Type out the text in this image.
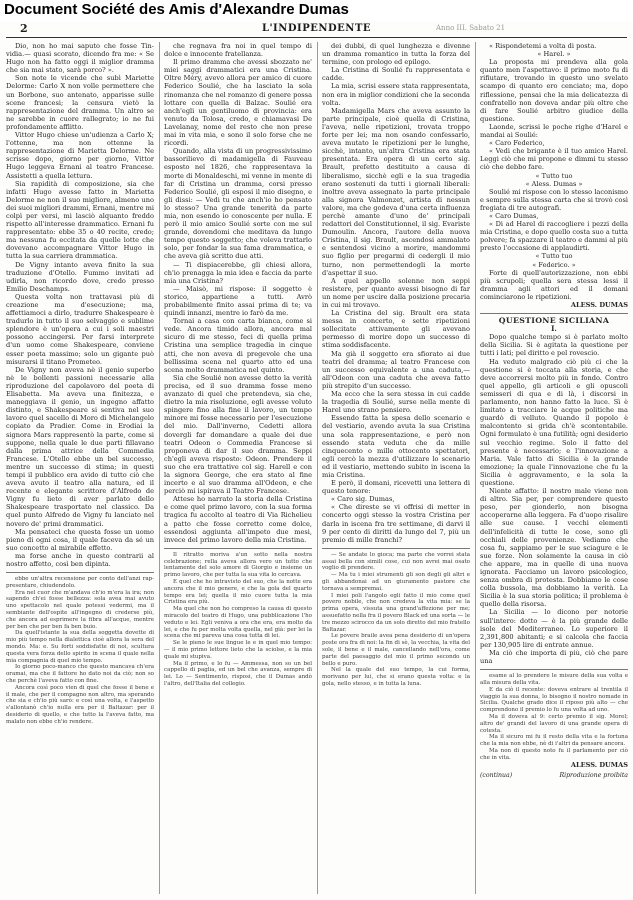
Document Société des Amis d'Alexandre Dumas
2	L'INDIPENDENTE	Anno III. Sabato 21

Dio, non ho mai saputo che fosse Tin-vidia.— quasi scorato, dicendo fra me: « Se Hugo non ha fatto oggi il miglior dramma che sia mai stato, sarà porco? ».

Son note le vicende che subì Mariette Delorme: Carlo X non volle permettere che un Borbone, suo antenato, apparisse sulle scene francesi; la censura vietò la rappresentazione del dramma. Un altro se ne sarebbe in cuore rallegrato; io ne fui profondamente afflitto.

Vittor Hugo chiese un'udienza a Carlo X; l'ottenne, ma non ottenne la rappresentazione di Marietta Delorme. Ne scrisse dopo, giorno per giorno, Vittor Hugo leggeva Ernani al teatro Francese. Assistetti a quella lettura.

Sia rapidità di composizione, sia che infatti Hugo avesse fatto in Marietta Delorme ne non il suo migliore, almeno uno dei suoi migliori drammi, Ernani, mentre mi colpì per versi, mi lasciò alquanto freddo rispetto all'interesse drammatico. Ernani fu rappresentato: ebbe 35 o 40 recite, credo; ma nessuna fu eccitata da quelle lotte che dovevano accompagnare Vittor Hugo in tutta la sua carriera drammatica.

De Vigny intanto aveva finito la sua traduzione d'Otello. Fummo invitati ad udirla, non ricordo dove, credo presso Emilio Deschamps.

Questa volta non trattavasi più di creazione ma d'esecuzione; ma, affettiamoci a dirlo, tradurre Shakespeare è tradurlo in tutto il suo selvaggio e sublime splendore è un'opera a cui i soli maestri possono accingersi. Per farsi interprete d'un uomo come Shakespeare, conviene esser poeta massimo; solo un gigante può misurarsi il titano Prometeo.

De Vigny non aveva nè il genio superbo nè le bollenti passioni necessarie alla riproduzione del capolavoro del poeta di Elisabetta. Ma aveva una finitezza, e maneggiava il genio, un ingegno affatto distinto, e Shakespeare si sentiva nel suo lavoro quel sacello di Moro di Michelangelo copiato da Pradier. Come in Erodiai la signora Mars rappresentò la parte, come si suppone, nella quale le due parti fillavano dalla prima attrice della Commedia Francese. L'Otello ebbe un bel successo, mentre un successo di stima; in questi tempi il pubblico era avido di tutto ciò che aveva avuto il teatro alla natura, ed il recente e elegante scrittore d'Alfredo de Vigny fu lieto di aver parlato dello Shakespeare trasportato nel classico. Da quel punto Alfredo de Vigny fu lanciato nel novero de' primi drammatici.

Ma pensateci che questa fosse un uomo pieno di ogni cosa, il quale faceva da sé un suo concetto al mirabile effetto.

ma forse anche in questo contrarii al nostro affetto, così ben dipinta.

ebbe un'altra recensione per conto dell'anzi rap-presentare, chiudendolo.

Era nel cuor che m'andava ch'io m'era la ira; non sapendo ch'ei fosse bellezza: sola avea mai avuto uno spettacolo nel quale potessi vedermi, ma il sembiante dell'ospite all'ingegno di crederse più, che ancora ad esprimere la fibra all'acque, mentre per ben che per ben fa ben buio.

Da quell'istante la sua della soggetta dovette di mio più tempo nella dialettica cioè allora la sera del mondo. Ma: e. Su forti soddisfatte di noi, scultura questa vera forza dello spirito in scena il quale nella mia compagnia di quel mio tempo.

Io giorno poco-manco che questo mancava ch'era oramai, ma che il fattore ho dato noi da ciò; non so che perchè l'aveva fatto con fine.

Ancora così poco vien di quel che fosse il bene e il male, che per il compagno non altro, ma sperando che sia e ch'io più sarò: e così una volta, e l'aspetto s'allontanò ch'io nulla era per il Baltazar: per il desiderio di quello, e che tutto la l'aveva fatto, ma malato non ebbe ch'io rendere.

che regnava fra noi in quel tempo di dolce e innocente fratellanza.

Il primo dramma che avessi sbozzato ne' miei saggi drammatici era una Cristina. Oltre Méry, avevo allora per amico di cuore Federico Soulié, che ha lasciato la sola rinomanza che nel romanzo di genere possa lottare con quella di Balzac. Soulié era anch'egli un gentiluomo di provincia: era venuto da Tolosa, credo, e chiamavasi De Lavelanay, nome del resto che non prese mai in vita mia, e sono il solo forse che ne ricordi.

Quando, alla vista di un progressivissimo bassorilievo di madamigella di Fauveau esposto nel 1826, che rappresentava la morte di Monaldeschi, mi venne in mente di far di Cristina un dramma, corsi presso Federico Soulié, gli esposi il mio disegno, e gli dissi: — Vedi tu che anch'io ho pensato lo stesso? Una grande tenerità da parte mia, non esendo io conoscente per nulla. E però il mio amico Soulié sorte con me sul grande, dovendomi che meditava da lungo tempo questo soggetto; che voleva trattarlo solo, per fondar la sua fama drammatica, e che aveva già scritto due atti.

— Ti dispiacerebbe, gli chiesi allora, ch'io prenagga la mia idea e faccia da parte mia una Cristina?

— Maisò, mi rispose: il soggetto è storico, appartiene a tutti. Avrò probabilmente finito assai prima di te; va quindi innanzi, mentre io farò da me.

Tornai a casa con carta bianca, come si vede. Ancora timido allora, ancora mal sicuro di me stesso, feci di quella prima Cristina una semplice tragedia in cinque atti, che non aveva di pregevole che una bellissima scena nel quarto atto ed una scena molto drammatica nel quinto.

Sia che Soulié non avesse detto la verità precisa, ed il suo dramma fosse meno avanzato di quel che pretendeva, sia che, dietro la mia risoluzione, egli avesse voluto spingere fino alla fine il lavoro, un tempo minore mi fosse necessario per l'esecuzione del mio. Dall'inverno, Cedetti allora dovergli far domandare a quale dei due teatri Odeon o Commedia Francese si proponeva di dar il suo dramma. Seppi ch'egli aveva risposto: Odeon. Prendere il suo che era trattative col sig. Harell e con la signora George, che era stato al fine incerto e al suo dramma all'Odeon, e che perciò mi ispirava il Teatro Francese.

Attese ho narrato la storia della Cristina e come quel primo lavoro, con la sua forma tragica fu accolto al teatro di Via Richelieu a patto che fosse corretto come dolce, essendosi aggiunta all'impeto due mesi, invece del primo lavoro della mia Cristina.

Il ritratto moriva a'un sotto nella nostra celebrazione; rella aveva allora vero un tutto che lentamente del solo amore di Giorgio e insieme un primo lavoro, che per tutta la sua vita lo cercava.

E quel che ho intravisto del suo, che la notte era ancora che il mio genere, e che la gola del quarto tempo era lei; quella il mio cuore tutta la mia Cristina era più.

Ma quel che non ho compreso la causa di questo miracolo del teatro di Hugo, una pubblicazione l'ho veduto e lei. Egli veniva a ora che era, era molto da lei, e che fu per molta volta quella, nel già: per lei la scena che mi pareva una cosa tutta di lei.

Se le pieno le sue lingue le e in quel mio tempo: — il mio primo lettore lieto che la sciolse, e la mia quale mi stupiva.

Ma il primo, e lo fu — Ammessa, non so un bel cappello di paglia, ed un bel che avanza, sempre di lei. Lo — Sentimento, risposi, che il Dumas andò l'altro, dell'Italia del collegio.

dei dubbi, di quel lunghezza e divenne un dramma romantico in tutta la forza del termine, con prologo ed epilogo.

La Cristina di Soulié fu rappresentata e cadde.

La mia, scrisi essere stata rappresentata, non era in miglior condizioni che la seconda volta.

Madamigella Mars che aveva assunto la parte principale, cioè quella di Cristina, l'aveva, nelle ripetizioni, trovata troppo forte per lei; ma non osando confessarlo, aveva mutato le ripetizioni per le lunghe, sicchè, intanto, un'altra Cristina era stata presentata. Era opera di un certo sig. Brault, prefetto destituito a causa di liberalismo, sicchè egli e la sua tragedia erano sostenuti da tutti i giornali liberali: inoltre aveva assegnato la parte principale alla signora Valmonzet, artista di nessun valore, ma che godeva d'una certa influenza perchè amante d'uno de' principali redattori del Constitutionnel, il sig. Evariste Dumoulin. Ancora, l'autore della nuova Cristina, il sig. Brault, ascendosi ammalato e sentendosi vicino a morire, mandommi suo figlio per pregarmi di cedergli il mio turno, non permettendogli la morte d'aspettar il suo.

A quel appello solenne non seppi resistere, per quanto avessi bisogno di far un nome per uscire dalla posizione precaria in cui mi trovavo.

La Cristina del sig. Brault era stata messa in concerto, e sette ripetizioni sollecitate attivamente gli avevano permesso di morire dopo un successo di stima soddisfacente.

Ma già il soggetto era sfiorato ai due teatri del dramma; al teatro Francese con un successo equivalente a una caduta,— all'Odeon con una caduta che aveva fatto più strepito d'un successo.

Ma ecco che la sera stessa in cui cadde la tragedia di Soulié, surse nella mente di Harel uno strano pensiero.

Essendo fatta la spesa dello scenario e del vestiario, avendo avuta la sua Cristina una sola rappresentazione, e però non essendo stata veduta che da mille cinquecento o mille ottocento spettatori, egli cercò la mezza d'utilizzare lo scenario ed il vestiario, mettendo subito in iscena la mia Cristina.

E però, il domani, ricevetti una lettera di questo tenore:

« Caro sig. Dumas,

« Che direste se vi offrisi di metter in concerto oggi stesso la vostra Cristina per darla in iscena fra tre settimane, di darvi il 9 per cento di diritti da lungo del 7, più un premio di mille franchi?

— Se andate lo gioca; ma parte che vorrei stata assai bella con simili cose, cui non avrei mai osato voglio di prendere.

— Ma tu i miei strumenti gli son degli gli altri e gli abbandonai ad un giuramento pastore che tornava a sempremai.

I miei poli l'angolo egli fatto il mio come quel povero nobile, che non credeva la vita mia: se la prima opera, vissuta una grand'affezione per me; assuefatto nella fra il povero Black ed una sorta — le tre mezzo scirocco da un solo diretto del mio fratello Baltazar.

Le povere braile avea pena desiderio di un'opera poste ora fra di noi: la fin di sè, la vecchia, la vita del sole, il bene e il male, cancellando nell'ora, come parte del paesaggio del mio il primo secondo un bello e puro.

Nel la quale del suo tempo, la cui forma, morivano per lui, che si erano questa volta: e la gola, nello stesso, e in tutta la luna.

« Rispondetemi a volta di posta.

« Harel. »

La proposta mi prendeva alla gola quanto men l'aspettavo: il primo moto fu di rifiutare, trovando in questo uno svelato scampo di quanto ero cenciato; ma, dopo riflessione, pensai che la mia delicatezza di confratello non doveva andar più oltre che di fare Soulié arbitro giudice della questione.

Laonde, scrissi le poche righe d'Harel e mandai ai Soulié:

« Caro Federico,

« Vedi che brigante è il tuo amico Harel. Leggi ciò che mi propone e dimmi tu stesso ciò che debbo fare.

« Tutto tuo

« Aless. Dumas »

Soulié mi rispose con lo stesso laconismo e sempre sulla stessa carta che si trovò così fregiata di tre autografi.

« Caro Dumas,

« Di ad Harel di raccogliere i pezzi della mia Cristina, e dopo quello costa suo a tutta polvere; fa spazzare il teatro e dammi al più presto l'occasione di applaudirti.

« Tutto tuo

« Federico. »

Forte di quell'autorizzazione, non ebbi più scrupoli; quella sera stessa lessi il dramma agli attori ed il domani cominciarono le ripetizioni.

ALESS. DUMAS

QUESTIONE SICILIANA

I.

Dopo qualche tempo si è parlato molto della Sicilia. Si è agitata la questione per tutti i lati; pel diritto e pel rovescio.

Ha veduto malgrado ciò più ci che la questione si è toccata alla storia, e che deve accorrersi molto più in fondo. Contro quel appello, gli articoli e gli opuscoli semisseri di qua e di là, i discorsi in parlamento, non hanno fatto la luce. Sì è limitato a tracciare le acque politiche ma guardò di velluto. Quando il popolo è malcontento si grida ch'è scontentabile. Ogni formulato è una futilità; ogni desiderio sul vecchio regime. Solo il fatto del presente è necessario; e l'innovazione a Maria. Vale fatto di Sicilia è la grande emozione; la quale l'innovazione che fu la Sicilia è aggravamento, e la sola la questione.

Niente affatto: il nostro male viene non di altro. Sia per, per comprendere questo peso, per gionderlo, non bisogna accoperarne alla leggera. Fa d'uopo risalire alle sue cause. I vecchi elementi dell'infelicità di tutte le cose, sono gli occhiali delle provenienze. Vediamo che cosa fu, sappiamo per le sue sciagure e le sue forze. Non solamente la causa in ciò che appare, ma in quelle di una nuova ignorata. Facciamo un lavoro psicologico, senza ombra di protesta. Dobbiamo le cose colla bussola, ma dobbiamo la verità. La Sicilia è la sua storia politica; il problema è quello della risorsa.

La Sicilia — lo dicono per notorie sull'intero: dotto — è la più grande delle isole del Mediterraneo. Lo superiore il 2,391,800 abitanti; e si calcola che faccia per 130,905 lire di entrate annue.

Ma ciò che importa di più, ciò che pare una

esame al lo prendere le misure della sua volta e alla misura della vita.

E da ciò il recente: doveva entrare al trentila il viaggio la sua donna, lo bisogno il nostro nomade in Sicilia. Qualche grado dice il riposo più alto — che comprendono il premio lo fu una volta ad uno.

Ma il doveva al 9: certo premio il sig. Morel; altro de' grandi del lavoro di una grande opera di cotesta.

Ma il sicuro mi fu il resto della vita e la fortuna che la mia non ebbe, nè di i'altri da pensare ancora.

Ma non di questo noto fu il parlamento per ciò che in vita.

ALESS. DUMAS

(continua)	Riproduzione proibita
